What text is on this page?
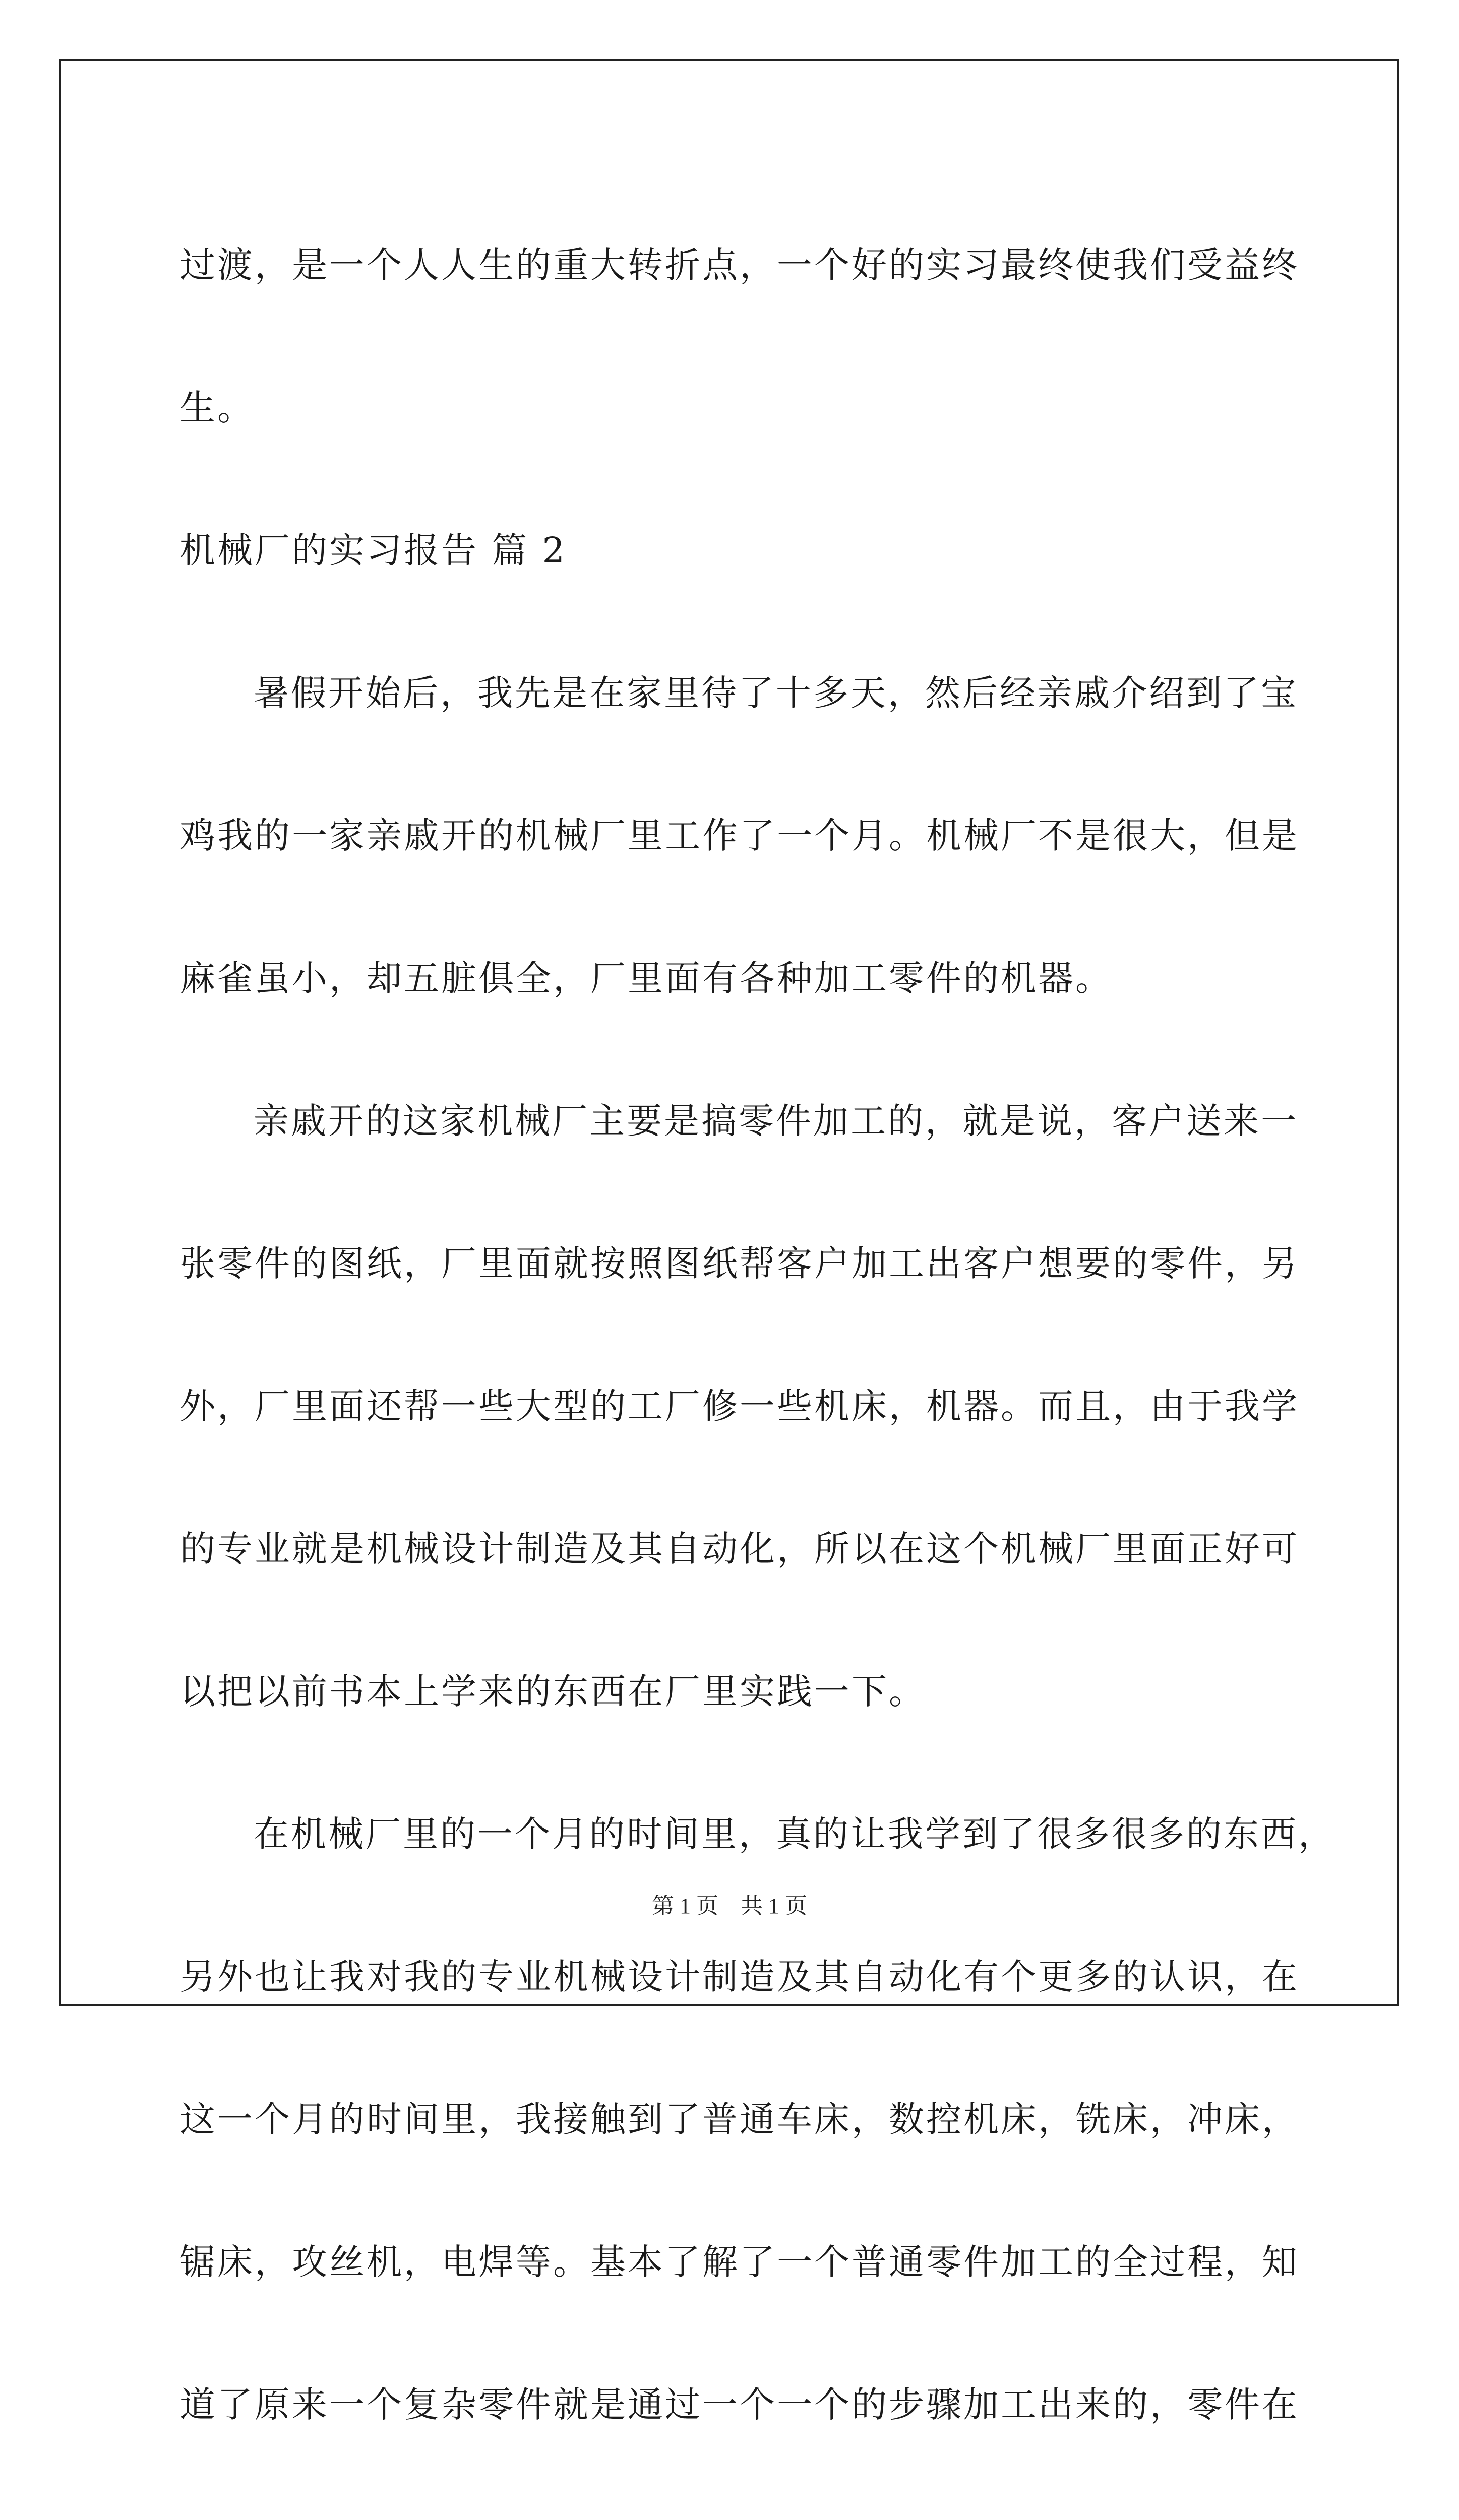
过渡，是一个人人生的重大转折点，一个好的实习最终使我们受益终
生。
机械厂的实习报告 篇 2
暑假开始后，我先是在家里待了十多天，然后经亲戚介绍到了宝
鸡我的一家亲戚开的机械厂里工作了一个月。机械厂不是很大，但是
麻雀虽小，却五脏俱全，厂里面有各种加工零件的机器。
亲戚开的这家机械厂主要是搞零件加工的，就是说，客户送来一
张零件的图纸，厂里面就按照图纸帮客户加工出客户想要的零件，另
外，厂里面还帮一些大型的工厂修一些机床，机器。而且，由于我学
的专业就是机械设计制造及其自动化，所以在这个机械厂里面正好可
以把以前书本上学来的东西在厂里实践一下。
在机械厂里的一个月的时间里，真的让我学到了很多很多的东西，
另外也让我对我的专业机械设计制造及其自动化有个更多的认识，在
这一个月的时间里，我接触到了普通车床，数控机床，铣床，冲床，
锯床，攻丝机，电焊等。基本了解了一个普通零件加工的全过程，知
道了原来一个复杂零件就是通过一个一个的步骤加工出来的，零件在
第 1 页    共 1 页
